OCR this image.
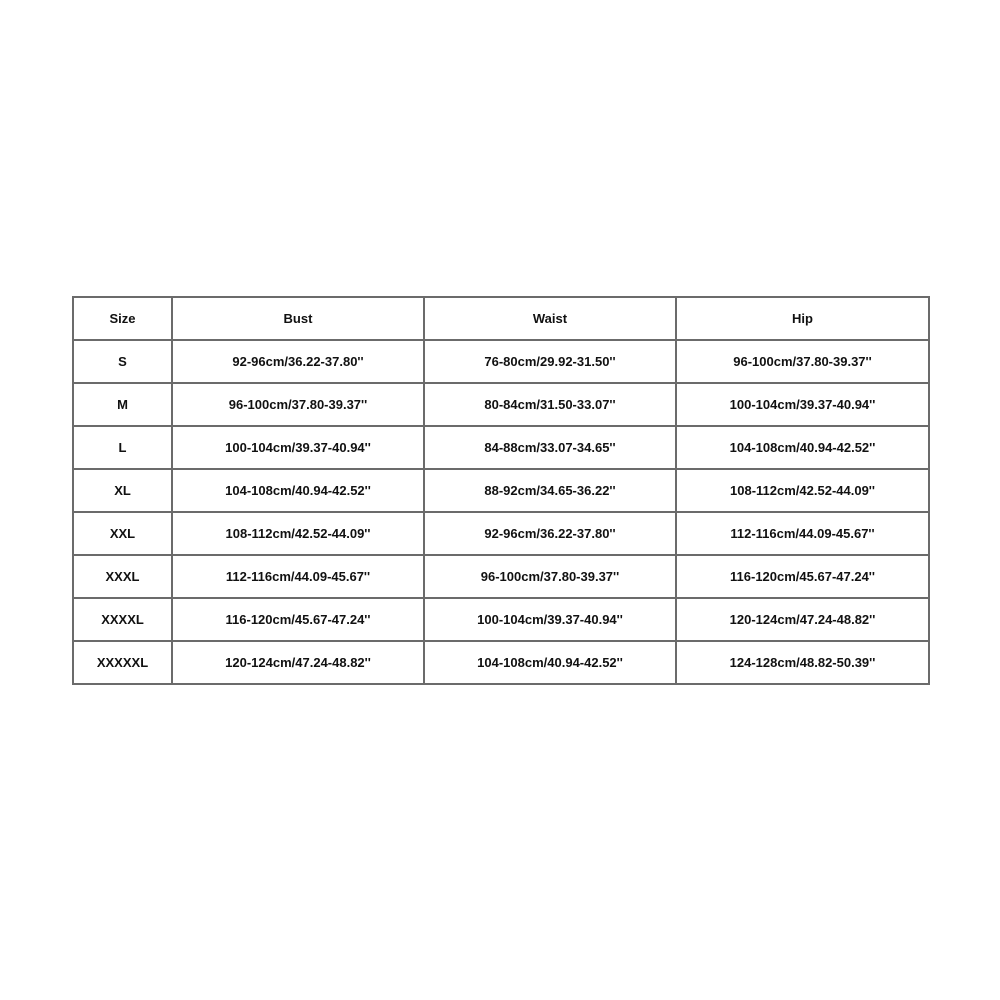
Size	Bust	Waist	Hip
S	92-96cm/36.22-37.80''	76-80cm/29.92-31.50''	96-100cm/37.80-39.37''
M	96-100cm/37.80-39.37''	80-84cm/31.50-33.07''	100-104cm/39.37-40.94''
L	100-104cm/39.37-40.94''	84-88cm/33.07-34.65''	104-108cm/40.94-42.52''
XL	104-108cm/40.94-42.52''	88-92cm/34.65-36.22''	108-112cm/42.52-44.09''
XXL	108-112cm/42.52-44.09''	92-96cm/36.22-37.80''	112-116cm/44.09-45.67''
XXXL	112-116cm/44.09-45.67''	96-100cm/37.80-39.37''	116-120cm/45.67-47.24''
XXXXL	116-120cm/45.67-47.24''	100-104cm/39.37-40.94''	120-124cm/47.24-48.82''
XXXXXL	120-124cm/47.24-48.82''	104-108cm/40.94-42.52''	124-128cm/48.82-50.39''
